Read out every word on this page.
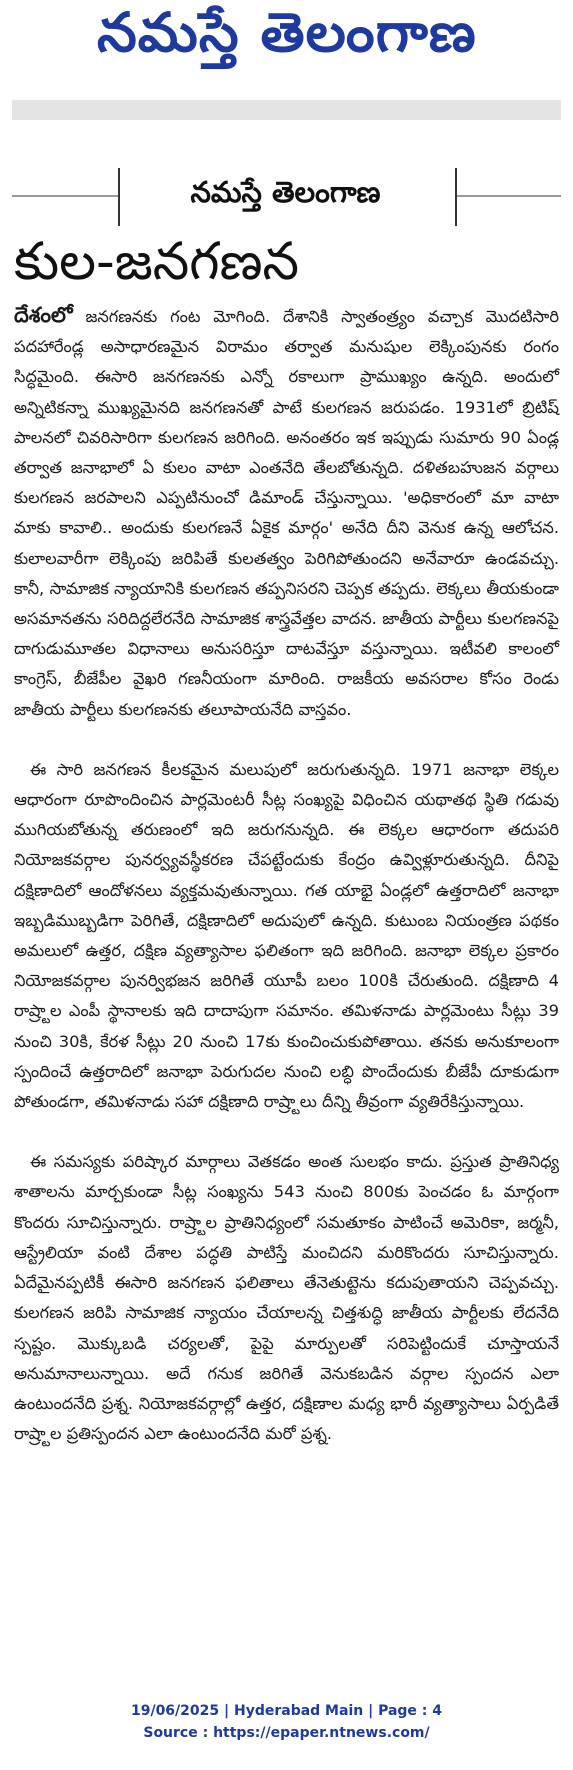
నమస్తే తెలంగాణ
నమస్తే తెలంగాణ
కుల-జనగణన

దేశంలో జనగణనకు గంట మోగింది. దేశానికి స్వాతంత్ర్యం వచ్చాక మొదటిసారి పదహారేండ్ల అసాధారణమైన విరామం తర్వాత మనుషుల లెక్కింపునకు రంగం సిద్ధమైంది. ఈసారి జనగణనకు ఎన్నో రకాలుగా ప్రాముఖ్యం ఉన్నది. అందులో అన్నిటికన్నా ముఖ్యమైనది జనగణనతో పాటే కులగణన జరుపడం. 1931లో బ్రిటిష్ పాలనలో చివరిసారిగా కులగణన జరిగింది. అనంతరం ఇక ఇప్పుడు సుమారు 90 ఏండ్ల తర్వాత జనాభాలో ఏ కులం వాటా ఎంతనేది తేలబోతున్నది. దళితబహుజన వర్గాలు కులగణన జరపాలని ఎప్పటినుంచో డిమాండ్ చేస్తున్నాయి. 'అధికారంలో మా వాటా మాకు కావాలి.. అందుకు కులగణనే ఏకైక మార్గం' అనేది దీని వెనుక ఉన్న ఆలోచన. కులాలవారీగా లెక్కింపు జరిపితే కులతత్వం పెరిగిపోతుందని అనేవారూ ఉండవచ్చు. కానీ, సామాజిక న్యాయానికి కులగణన తప్పనిసరని చెప్పక తప్పదు. లెక్కలు తీయకుండా అసమానతను సరిదిద్దలేరనేది సామాజిక శాస్త్రవేత్తల వాదన. జాతీయ పార్టీలు కులగణనపై దాగుడుమూతల విధానాలు అనుసరిస్తూ దాటవేస్తూ వస్తున్నాయి. ఇటీవలి కాలంలో కాంగ్రెస్, బీజేపీల వైఖరి గణనీయంగా మారింది. రాజకీయ అవసరాల కోసం రెండు జాతీయ పార్టీలు కులగణనకు తలూపాయనేది వాస్తవం.

ఈ సారి జనగణన కీలకమైన మలుపులో జరుగుతున్నది. 1971 జనాభా లెక్కల ఆధారంగా రూపొందించిన పార్లమెంటరీ సీట్ల సంఖ్యపై విధించిన యథాతథ స్థితి గడువు ముగియబోతున్న తరుణంలో ఇది జరుగనున్నది. ఈ లెక్కల ఆధారంగా తదుపరి నియోజకవర్గాల పునర్వ్యవస్థీకరణ చేపట్టేందుకు కేంద్రం ఉవ్విళ్లూరుతున్నది. దీనిపై దక్షిణాదిలో ఆందోళనలు వ్యక్తమవుతున్నాయి. గత యాభై ఏండ్లలో ఉత్తరాదిలో జనాభా ఇబ్బడిముబ్బడిగా పెరిగితే, దక్షిణాదిలో అదుపులో ఉన్నది. కుటుంబ నియంత్రణ పథకం అమలులో ఉత్తర, దక్షిణ వ్యత్యాసాల ఫలితంగా ఇది జరిగింది. జనాభా లెక్కల ప్రకారం నియోజకవర్గాల పునర్విభజన జరిగితే యూపీ బలం 100కి చేరుతుంది. దక్షిణాది 4 రాష్ర్టాల ఎంపీ స్థానాలకు ఇది దాదాపుగా సమానం. తమిళనాడు పార్లమెంటు సీట్లు 39 నుంచి 30కి, కేరళ సీట్లు 20 నుంచి 17కు కుంచించుకుపోతాయి. తనకు అనుకూలంగా స్పందించే ఉత్తరాదిలో జనాభా పెరుగుదల నుంచి లబ్ధి పొందేందుకు బీజేపీ దూకుడుగా పోతుండగా, తమిళనాడు సహా దక్షిణాది రాష్ర్టాలు దీన్ని తీవ్రంగా వ్యతిరేకిస్తున్నాయి.

ఈ సమస్యకు పరిష్కార మార్గాలు వెతకడం అంత సులభం కాదు. ప్రస్తుత ప్రాతినిధ్య శాతాలను మార్చకుండా సీట్ల సంఖ్యను 543 నుంచి 800కు పెంచడం ఓ మార్గంగా కొందరు సూచిస్తున్నారు. రాష్ర్టాల ప్రాతినిధ్యంలో సమతూకం పాటించే అమెరికా, జర్మనీ, ఆస్ట్రేలియా వంటి దేశాల పద్ధతి పాటిస్తే మంచిదని మరికొందరు సూచిస్తున్నారు. ఏదేమైనప్పటికీ ఈసారి జనగణన ఫలితాలు తేనెతుట్టెను కదుపుతాయని చెప్పవచ్చు. కులగణన జరిపి సామాజిక న్యాయం చేయాలన్న చిత్తశుద్ధి జాతీయ పార్టీలకు లేదనేది స్పష్టం. మొక్కుబడి చర్యలతో, పైపై మార్పులతో సరిపెట్టిందుకే చూస్తాయనే అనుమానాలున్నాయి. అదే గనుక జరిగితే వెనుకబడిన వర్గాల స్పందన ఎలా ఉంటుందనేది ప్రశ్న. నియోజకవర్గాల్లో ఉత్తర, దక్షిణాల మధ్య భారీ వ్యత్యాసాలు ఏర్పడితే రాష్ర్టాల ప్రతిస్పందన ఎలా ఉంటుందనేది మరో ప్రశ్న.

19/06/2025 | Hyderabad Main | Page : 4
Source : https://epaper.ntnews.com/
